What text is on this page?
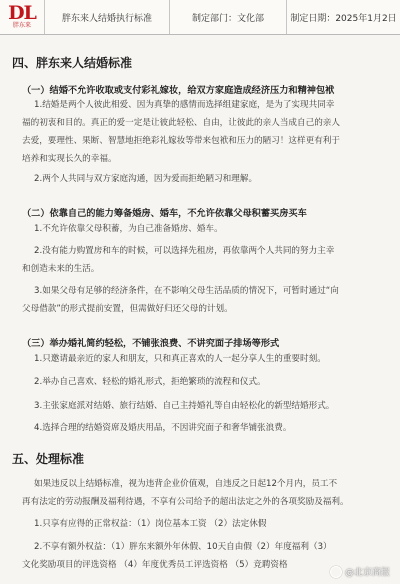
DL
胖东来
胖东来人结婚执行标准	制定部门：文化部	制定日期：2025年1月2日
四、胖东来人结婚标准
（一）结婚不允许收取或支付彩礼嫁妆，给双方家庭造成经济压力和精神包袱
1.结婚是两个人彼此相爱、因为真挚的感情而选择组建家庭，是为了实现共同幸
福的初衷和目的。真正的爱一定是让彼此轻松、自由，让彼此的亲人当成自己的亲人
去爱，要理性、果断、智慧地拒绝彩礼嫁妆等带来包袱和压力的陋习！这样更有利于
培养和实现长久的幸福。
2.两个人共同与双方家庭沟通，因为爱而拒绝陋习和理解。
（二）依靠自己的能力筹备婚房、婚车，不允许依靠父母积蓄买房买车
1.不允许依靠父母积蓄，为自己准备婚房、婚车。
2.没有能力购置房和车的时候，可以选择先租房，再依靠两个人共同的努力主幸
和创造未来的生活。
3.如果父母有足够的经济条件，在不影响父母生活品质的情况下，可暂时通过“向
父母借款”的形式提前安置，但需做好归还父母的计划。
（三）举办婚礼简约轻松，不铺张浪费、不讲究面子排场等形式
1.只邀请最亲近的家人和朋友，只和真正喜欢的人一起分享人生的重要时刻。
2.举办自己喜欢、轻松的婚礼形式，拒绝繁琐的流程和仪式。
3.主张家庭派对结婚、旅行结婚、自己主持婚礼等自由轻松化的新型结婚形式。
4.选择合理的结婚资席及婚庆用品，不因讲究面子和奢华铺张浪费。
五、处理标准
如果违反以上结婚标准，视为违背企业价值观，自违反之日起12个月内，员工不
再有法定的劳动报酬及福利待遇，不享有公司给予的超出法定之外的各项奖励及福利。
1.只享有应得的正常权益：（1）岗位基本工资 （2）法定休假
2.不享有额外权益：（1）胖东来额外年休假、10天自由假（2）年度福利（3）
文化奖励项目的评选资格 （4）年度优秀员工评选资格 （5）竞聘资格
@北京商报
